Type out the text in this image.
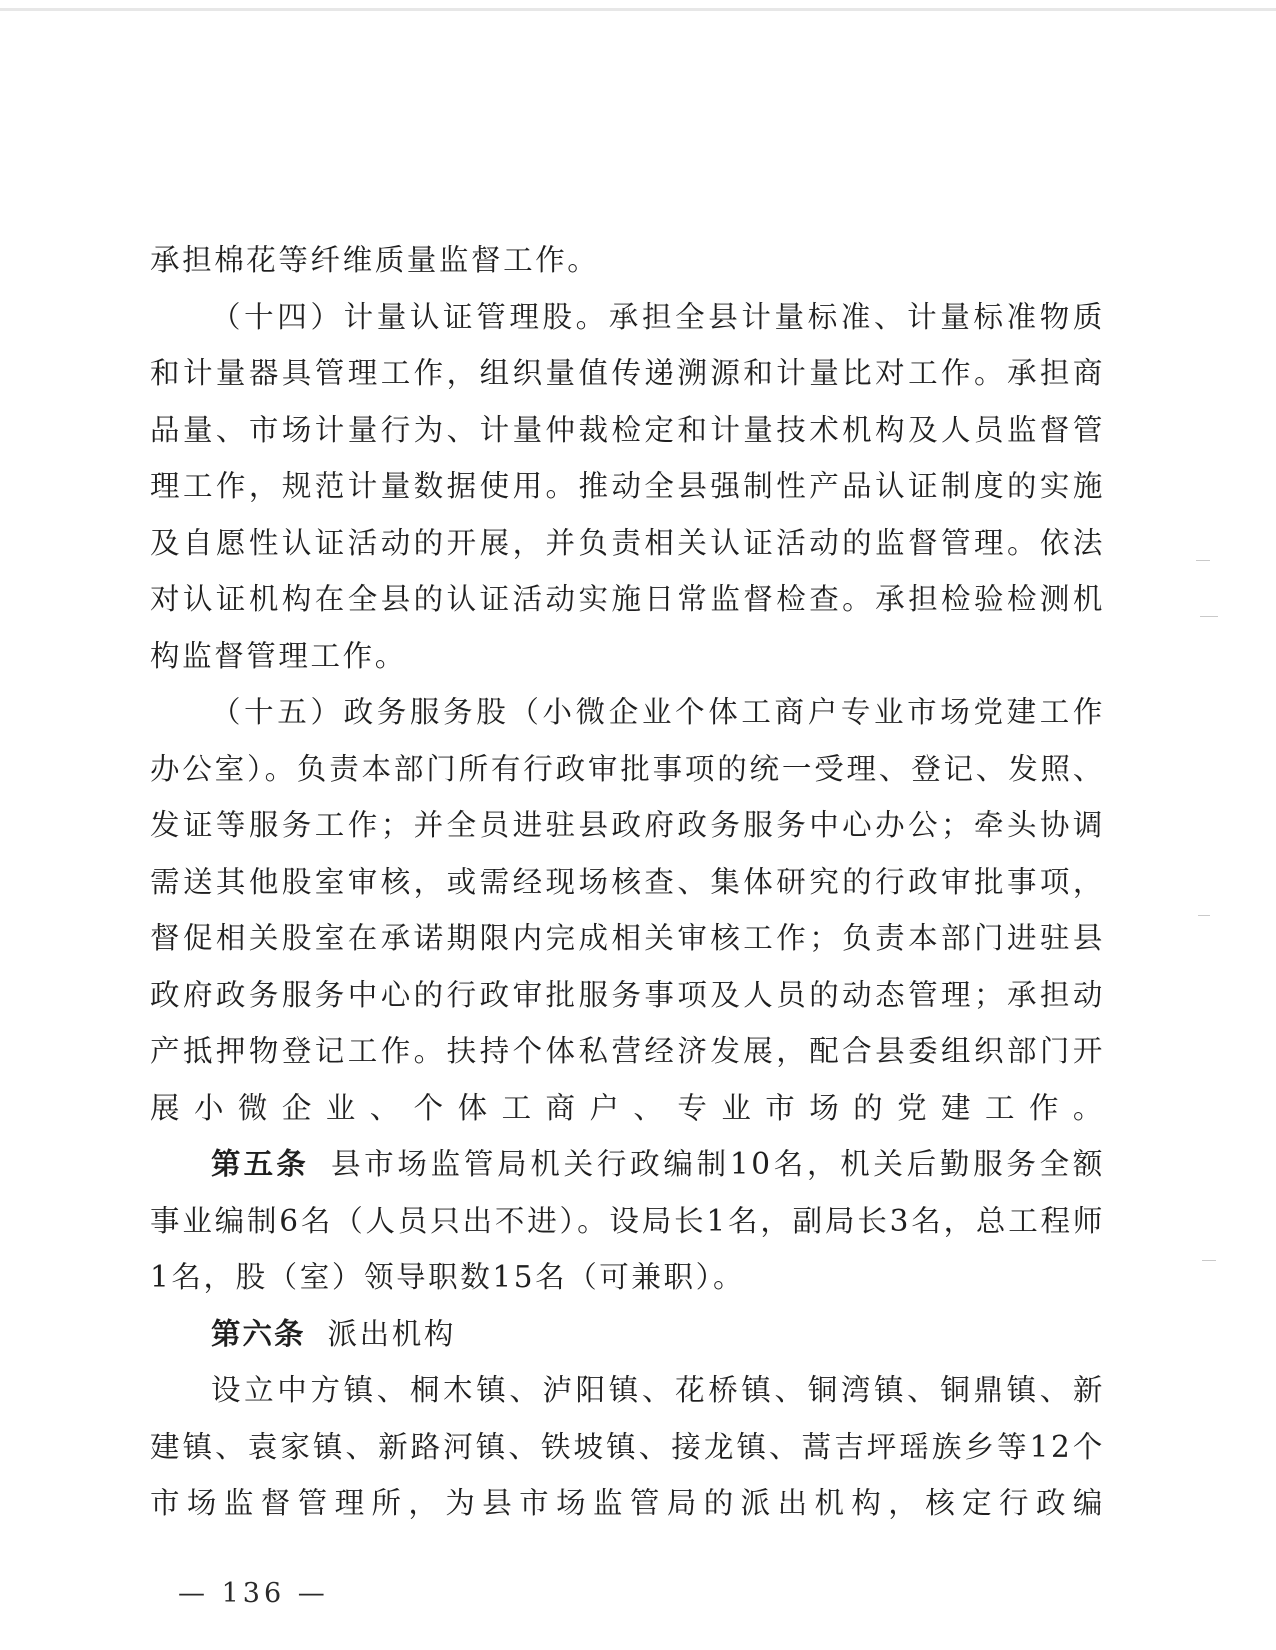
承担棉花等纤维质量监督工作。

（十四）计量认证管理股。承担全县计量标准、计量标准物质和计量器具管理工作，组织量值传递溯源和计量比对工作。承担商品量、市场计量行为、计量仲裁检定和计量技术机构及人员监督管理工作，规范计量数据使用。推动全县强制性产品认证制度的实施及自愿性认证活动的开展，并负责相关认证活动的监督管理。依法对认证机构在全县的认证活动实施日常监督检查。承担检验检测机构监督管理工作。

（十五）政务服务股（小微企业个体工商户专业市场党建工作办公室）。负责本部门所有行政审批事项的统一受理、登记、发照、发证等服务工作；并全员进驻县政府政务服务中心办公；牵头协调需送其他股室审核，或需经现场核查、集体研究的行政审批事项，督促相关股室在承诺期限内完成相关审核工作；负责本部门进驻县政府政务服务中心的行政审批服务事项及人员的动态管理；承担动产抵押物登记工作。扶持个体私营经济发展，配合县委组织部门开展小微企业、个体工商户、专业市场的党建工作。

第五条 县市场监管局机关行政编制10名，机关后勤服务全额事业编制6名（人员只出不进）。设局长1名，副局长3名，总工程师1名，股（室）领导职数15名（可兼职）。

第六条 派出机构

设立中方镇、桐木镇、泸阳镇、花桥镇、铜湾镇、铜鼎镇、新建镇、袁家镇、新路河镇、铁坡镇、接龙镇、蒿吉坪瑶族乡等12个市场监督管理所，为县市场监管局的派出机构，核定行政编

— 136 —
